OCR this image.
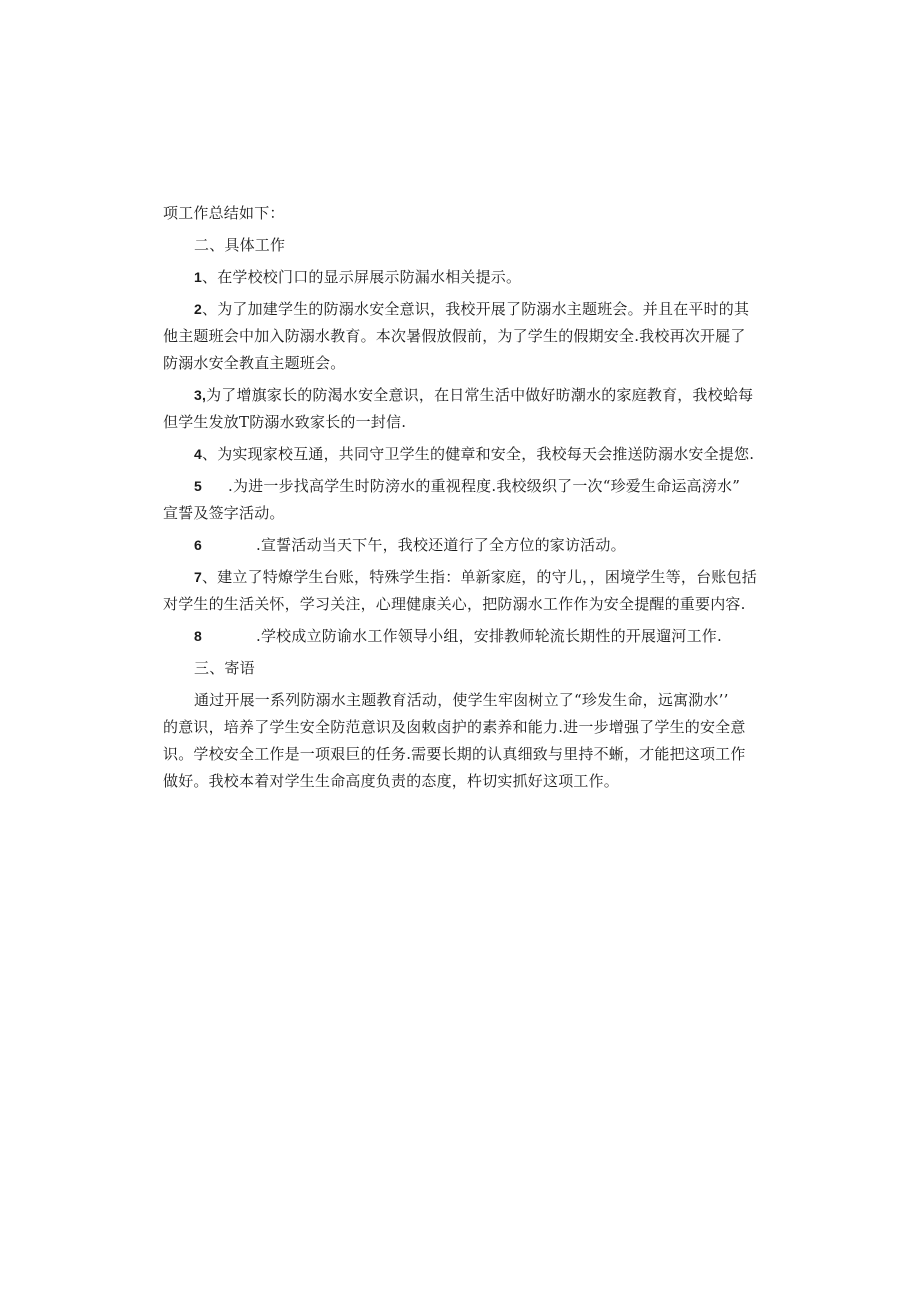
项工作总结如下：
二、具体工作
1、在学校校门口的显示屏展示防漏水相关提示。
2、为了加建学生的防溺水安全意识，我校开展了防溺水主题班会。并且在平时的其
他主题班会中加入防溺水教育。本次暑假放假前，为了学生的假期安全.我校再次开屣了
防溺水安全教直主题班会。
3,为了增旗家长的防渴水安全意识，在日常生活中做好昉潮水的家庭教育，我校蛤每
但学生发放T防溺水致家长的一封信.
4、为实现家校互通，共同守卫学生的健章和安全，我校每天会推送防溺水安全提您.
5 .为进一步找高学生时防滂水的重视程度.我校级织了一次“珍爱生命运高滂水”
宣誓及签字活动。
6	.宣誓活动当天下午，我校还道行了全方位的家访活动。
7、建立了特燎学生台账，特殊学生指：单新家庭，的守儿，，困境学生等，台账包括
对学生的生活关怀，学习关注，心理健康关心，把防溺水工作作为安全提醒的重要内容.
8	.学校成立防谕水工作领导小组，安排教师轮流长期性的开展遛河工作.
三、寄语
通过开展一系列防溺水主题教育活动，使学生牢囱树立了“珍发生命，远寓泐水’’
的意识，培养了学生安全防范意识及囱敕卤护的素养和能力.进一步增强了学生的安全意
识。学校安全工作是一项艰巨的任务.需要长期的认真细致与里持不蜥，才能把这项工作
做好。我校本着对学生生命高度负责的态度，杵切实抓好这项工作。
